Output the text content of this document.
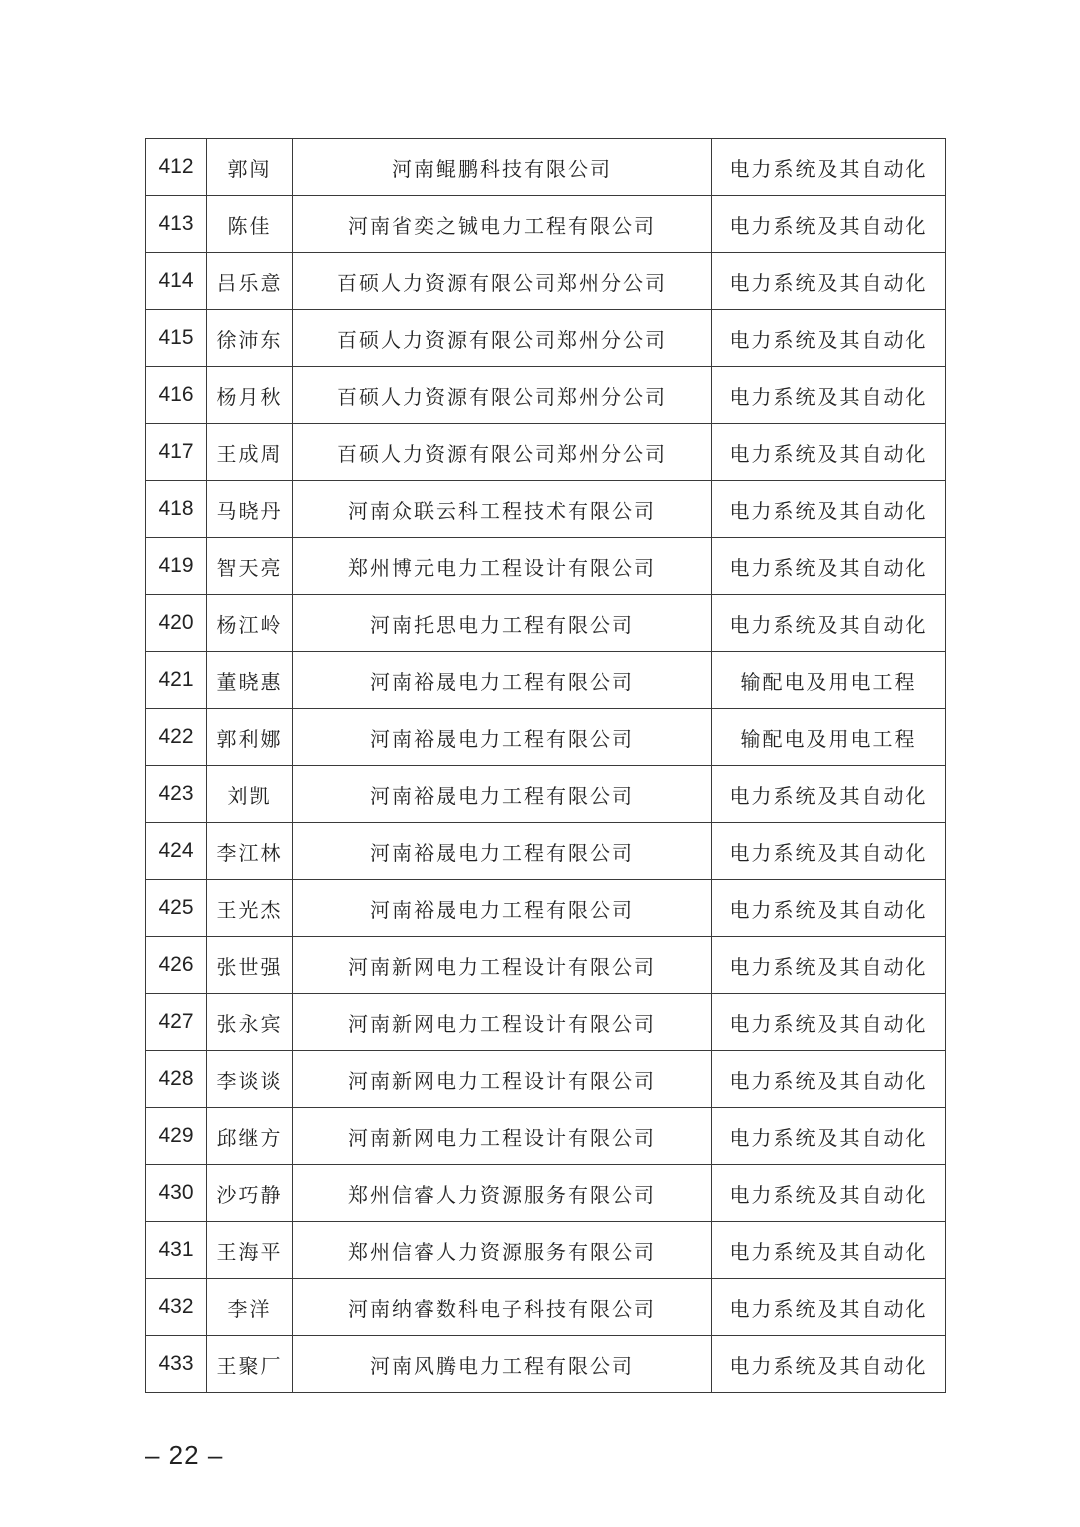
412	郭闯	河南鲲鹏科技有限公司	电力系统及其自动化
413	陈佳	河南省奕之铖电力工程有限公司	电力系统及其自动化
414	吕乐意	百硕人力资源有限公司郑州分公司	电力系统及其自动化
415	徐沛东	百硕人力资源有限公司郑州分公司	电力系统及其自动化
416	杨月秋	百硕人力资源有限公司郑州分公司	电力系统及其自动化
417	王成周	百硕人力资源有限公司郑州分公司	电力系统及其自动化
418	马晓丹	河南众联云科工程技术有限公司	电力系统及其自动化
419	智天亮	郑州博元电力工程设计有限公司	电力系统及其自动化
420	杨江岭	河南托思电力工程有限公司	电力系统及其自动化
421	董晓惠	河南裕晟电力工程有限公司	输配电及用电工程
422	郭利娜	河南裕晟电力工程有限公司	输配电及用电工程
423	刘凯	河南裕晟电力工程有限公司	电力系统及其自动化
424	李江林	河南裕晟电力工程有限公司	电力系统及其自动化
425	王光杰	河南裕晟电力工程有限公司	电力系统及其自动化
426	张世强	河南新网电力工程设计有限公司	电力系统及其自动化
427	张永宾	河南新网电力工程设计有限公司	电力系统及其自动化
428	李谈谈	河南新网电力工程设计有限公司	电力系统及其自动化
429	邱继方	河南新网电力工程设计有限公司	电力系统及其自动化
430	沙巧静	郑州信睿人力资源服务有限公司	电力系统及其自动化
431	王海平	郑州信睿人力资源服务有限公司	电力系统及其自动化
432	李洋	河南纳睿数科电子科技有限公司	电力系统及其自动化
433	王聚厂	河南风腾电力工程有限公司	电力系统及其自动化
– 22 –
